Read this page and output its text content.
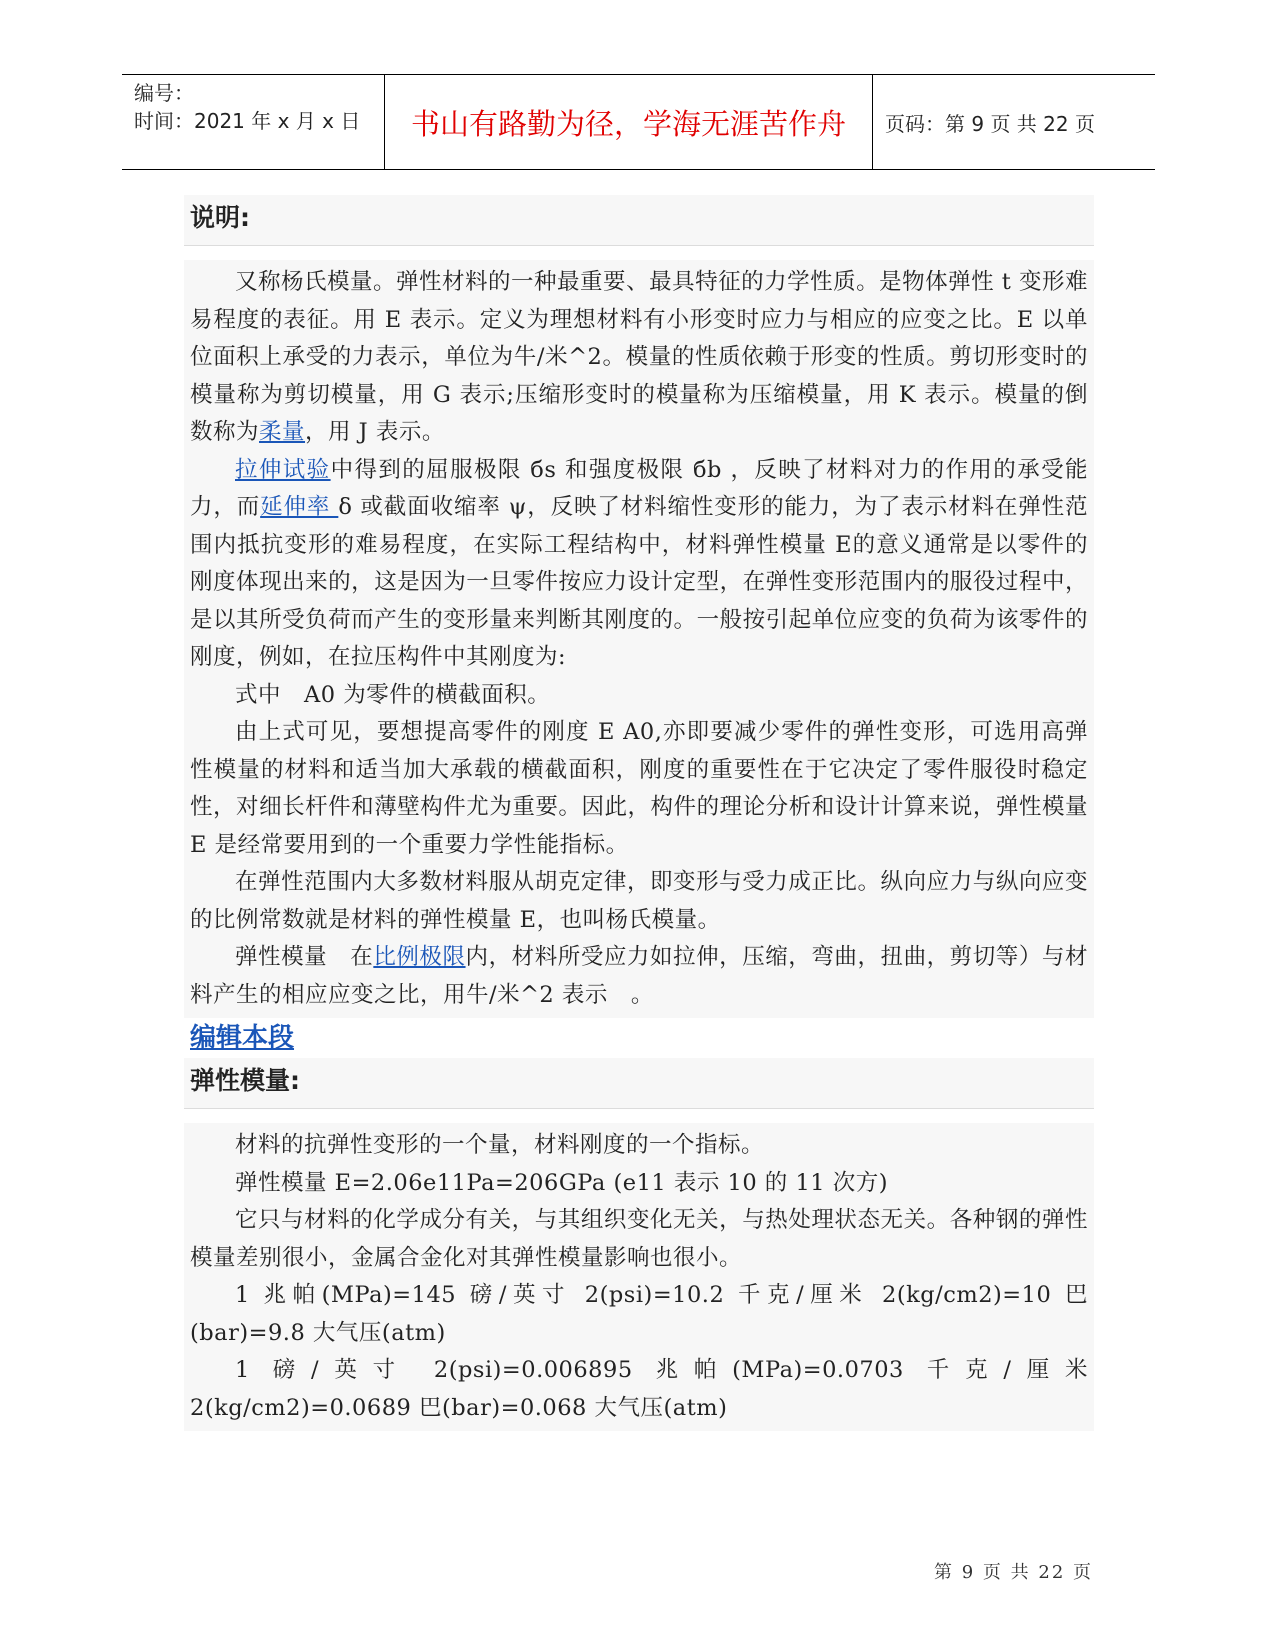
编号：
时间：2021 年 x 月 x 日	书山有路勤为径，学海无涯苦作舟	页码：第 9 页 共 22 页
说明:

又称杨氏模量。弹性材料的一种最重要、最具特征的力学性质。是物体弹性 t 变形难易程度的表征。用 E 表示。定义为理想材料有小形变时应力与相应的应变之比。E 以单位面积上承受的力表示，单位为牛/米^2。模量的性质依赖于形变的性质。剪切形变时的模量称为剪切模量，用 G 表示;压缩形变时的模量称为压缩模量，用 K 表示。模量的倒数称为柔量，用 J 表示。

拉伸试验中得到的屈服极限 бs 和强度极限 бb ，反映了材料对力的作用的承受能力，而延伸率 δ 或截面收缩率 ψ，反映了材料缩性变形的能力，为了表示材料在弹性范围内抵抗变形的难易程度，在实际工程结构中，材料弹性模量 E的意义通常是以零件的刚度体现出来的，这是因为一旦零件按应力设计定型，在弹性变形范围内的服役过程中，是以其所受负荷而产生的变形量来判断其刚度的。一般按引起单位应变的负荷为该零件的刚度，例如，在拉压构件中其刚度为:

式中　A0 为零件的横截面积。

由上式可见，要想提高零件的刚度 E A0,亦即要减少零件的弹性变形，可选用高弹性模量的材料和适当加大承载的横截面积，刚度的重要性在于它决定了零件服役时稳定性，对细长杆件和薄壁构件尤为重要。因此，构件的理论分析和设计计算来说，弹性模量 E 是经常要用到的一个重要力学性能指标。

在弹性范围内大多数材料服从胡克定律，即变形与受力成正比。纵向应力与纵向应变的比例常数就是材料的弹性模量 E，也叫杨氏模量。

弹性模量　在比例极限内，材料所受应力如拉伸，压缩，弯曲，扭曲，剪切等）与材料产生的相应应变之比，用牛/米^2 表示　。

编辑本段
弹性模量:

材料的抗弹性变形的一个量，材料刚度的一个指标。

弹性模量 E=2.06e11Pa=206GPa (e11 表示 10 的 11 次方)

它只与材料的化学成分有关，与其组织变化无关，与热处理状态无关。各种钢的弹性模量差别很小，金属合金化对其弹性模量影响也很小。

1 兆帕(MPa)=145 磅/英寸 2(psi)=10.2 千克/厘米 2(kg/cm2)=10 巴(bar)=9.8 大气压(atm)

1 磅/英寸 2(psi)=0.006895 兆帕(MPa)=0.0703 千克/厘米 2(kg/cm2)=0.0689 巴(bar)=0.068 大气压(atm)

第 9 页 共 22 页
